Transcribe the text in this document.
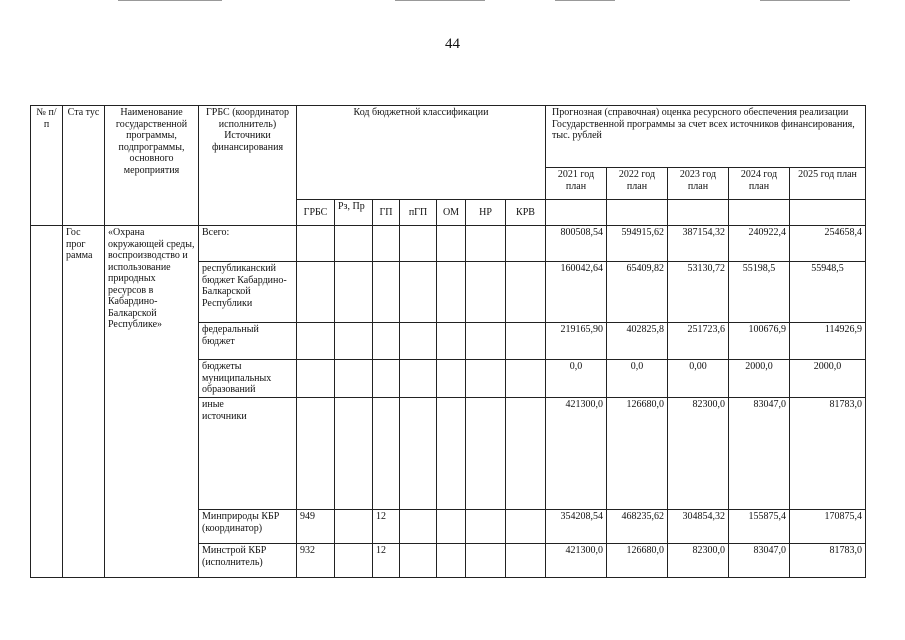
44
№ п/п	Ста тус	Наименование государственной программы, подпрограммы, основного мероприятия	ГРБС (координатор исполнитель) Источники финансирования	Код бюджетной классификации							Прогнозная (справочная) оценка ресурсного обеспечения реализации Государственной программы за счет всех источников финансирования, тыс. рублей				
											2021 год план	2022 год план	2023 год план	2024 год план	2025 год план
				ГРБС	Рз, Пр	ГП	пГП	ОМ	НР	КРВ					
	Гос прог рамма	«Охрана окружающей среды, воспроизводство и использование природных ресурсов в Кабардино-Балкарской Республике»	Всего:								800508,54	594915,62	387154,32	240922,4	254658,4
			республиканский бюджет Кабардино-Балкарской Республики								160042,64	65409,82	53130,72	55198,5	55948,5
			федеральный бюджет								219165,90	402825,8	251723,6	100676,9	114926,9
			бюджеты муниципальных образований								0,0	0,0	0,00	2000,0	2000,0

			иные источники								421300,0	126680,0	82300,0	83047,0	81783,0
			Минприроды КБР (координатор)	949		12					354208,54	468235,62	304854,32	155875,4	170875,4
			Минстрой КБР (исполнитель)	932		12					421300,0	126680,0	82300,0	83047,0	81783,0
